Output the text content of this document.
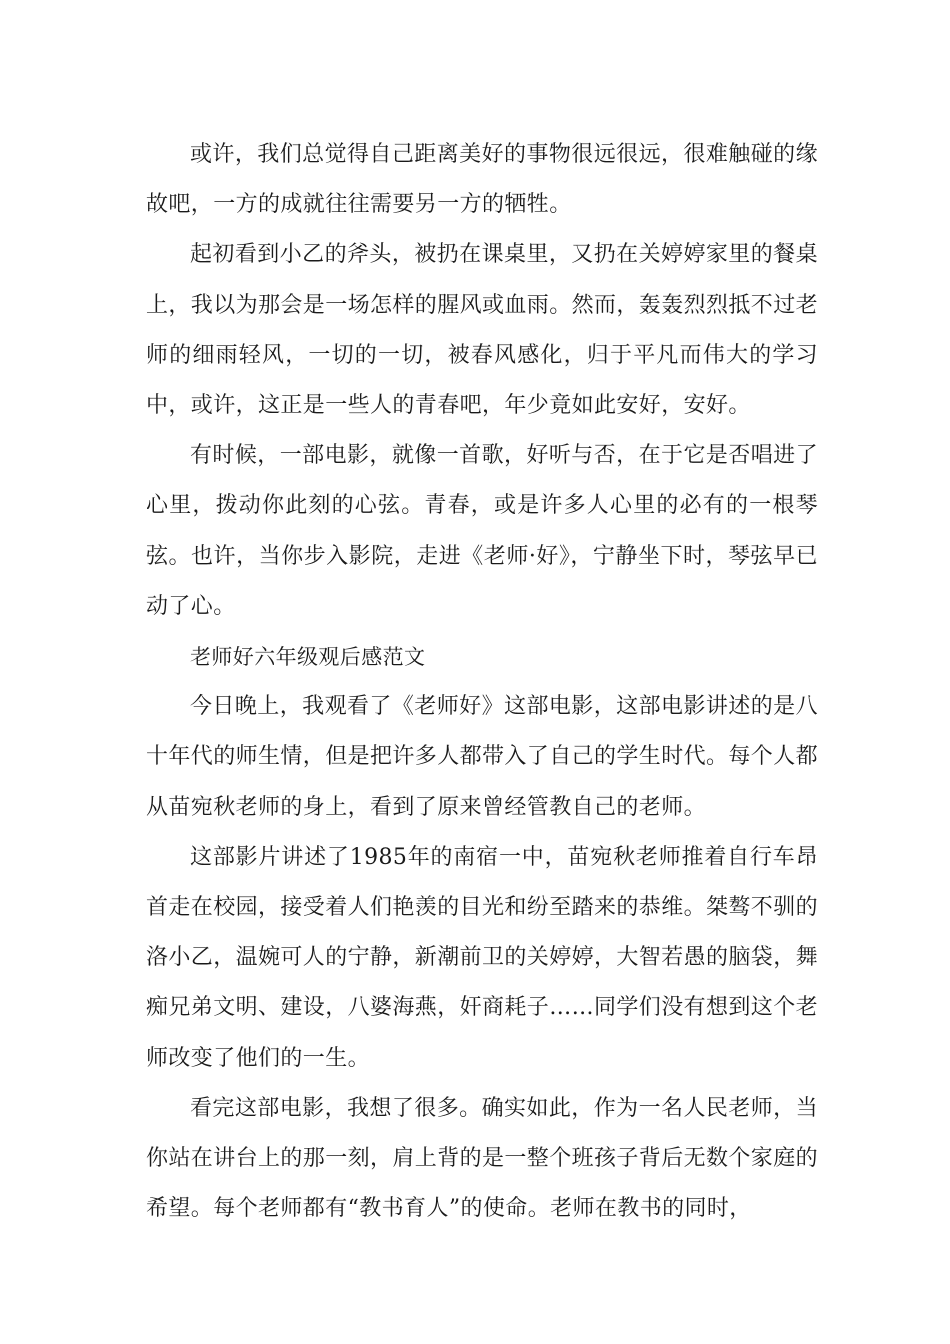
或许，我们总觉得自己距离美好的事物很远很远，很难触碰的缘故吧，一方的成就往往需要另一方的牺牲。

起初看到小乙的斧头，被扔在课桌里，又扔在关婷婷家里的餐桌上，我以为那会是一场怎样的腥风或血雨。然而，轰轰烈烈抵不过老师的细雨轻风，一切的一切，被春风感化，归于平凡而伟大的学习中，或许，这正是一些人的青春吧，年少竟如此安好，安好。

有时候，一部电影，就像一首歌，好听与否，在于它是否唱进了心里，拨动你此刻的心弦。青春，或是许多人心里的必有的一根琴弦。也许，当你步入影院，走进《老师·好》，宁静坐下时，琴弦早已动了心。

老师好六年级观后感范文

今日晚上，我观看了《老师好》这部电影，这部电影讲述的是八十年代的师生情，但是把许多人都带入了自己的学生时代。每个人都从苗宛秋老师的身上，看到了原来曾经管教自己的老师。

这部影片讲述了1985年的南宿一中，苗宛秋老师推着自行车昂首走在校园，接受着人们艳羡的目光和纷至踏来的恭维。桀骜不驯的洛小乙，温婉可人的宁静，新潮前卫的关婷婷，大智若愚的脑袋，舞痴兄弟文明、建设，八婆海燕，奸商耗子……同学们没有想到这个老师改变了他们的一生。

看完这部电影，我想了很多。确实如此，作为一名人民老师，当你站在讲台上的那一刻，肩上背的是一整个班孩子背后无数个家庭的希望。每个老师都有“教书育人”的使命。老师在教书的同时，
